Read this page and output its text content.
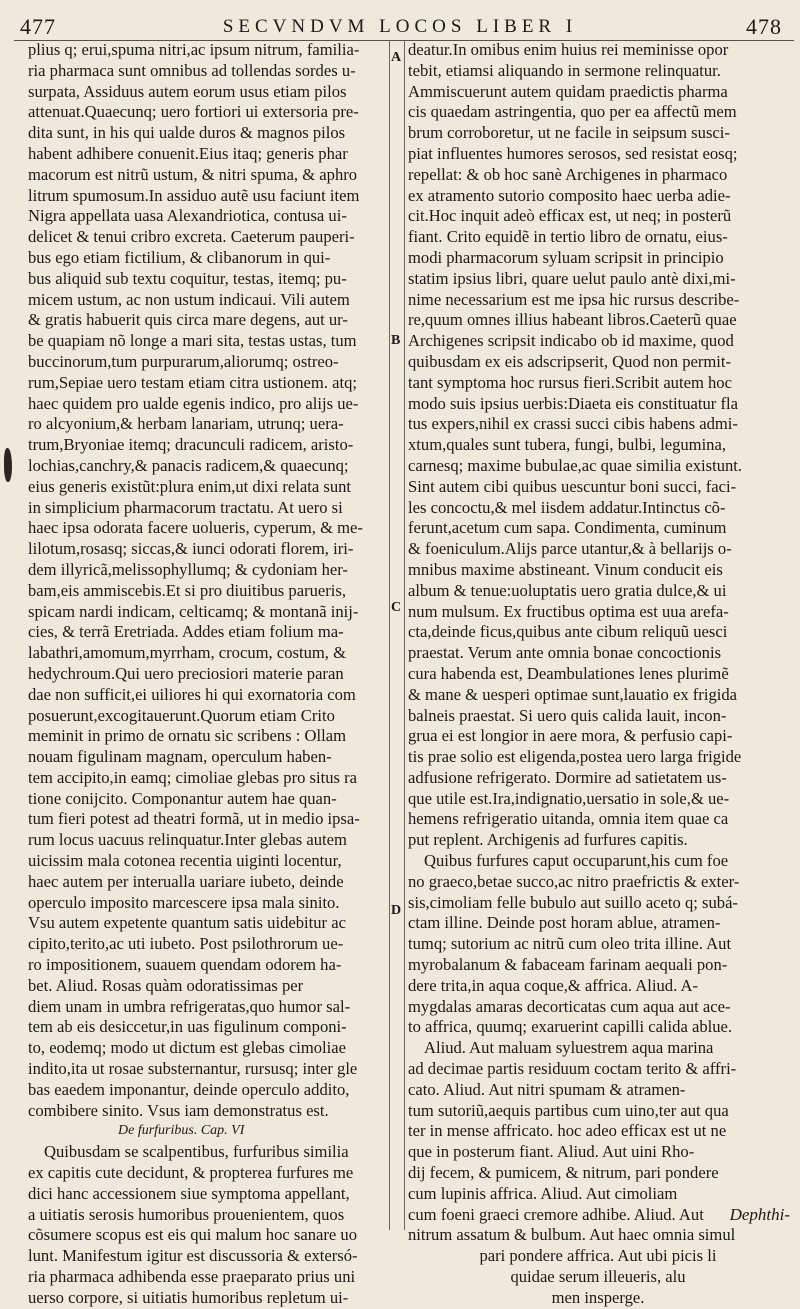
477	SECVNDVM LOCOS LIBER I	478
plius q; erui,spuma nitri,ac ipsum nitrum, familia-
ria pharmaca sunt omnibus ad tollendas sordes u-
surpata, Assiduus autem eorum usus etiam pilos
attenuat.Quaecunq; uero fortiori ui extersoria pre-
dita sunt, in his qui ualde duros & magnos pilos
habent adhibere conuenit.Eius itaq; generis phar
macorum est nitrũ ustum, & nitri spuma, & aphro
litrum spumosum.In assiduo autẽ usu faciunt item
Nigra appellata uasa Alexandriotica, contusa ui-
delicet & tenui cribro excreta. Caeterum pauperi-
bus ego etiam fictilium, & clibanorum in qui-
bus aliquid sub textu coquitur, testas, itemq; pu-
micem ustum, ac non ustum indicaui. Vili autem
& gratis habuerit quis circa mare degens, aut ur-
be quapiam nõ longe a mari sita, testas ustas, tum
buccinorum,tum purpurarum,aliorumq; ostreo-
rum,Sepiae uero testam etiam citra ustionem. atq;
haec quidem pro ualde egenis indico, pro alijs ue-
ro alcyonium,& herbam lanariam, utrunq; uera-
trum,Bryoniae itemq; dracunculi radicem, aristo-
lochias,canchry,& panacis radicem,& quaecunq;
eius generis existũt:plura enim,ut dixi relata sunt
in simplicium pharmacorum tractatu. At uero si
haec ipsa odorata facere uolueris, cyperum, & me-
lilotum,rosasq; siccas,& iunci odorati florem, iri-
dem illyricã,melissophyllumq; & cydoniam her-
bam,eis ammiscebis.Et si pro diuitibus parueris,
spicam nardi indicam, celticamq; & montanã inij-
cies, & terrã Eretriada. Addes etiam folium ma-
labathri,amomum,myrrham, crocum, costum, &
hedychroum.Qui uero preciosiori materie paran
dae non sufficit,ei uiliores hi qui exornatoria com
posuerunt,excogitauerunt.Quorum etiam Crito
meminit in primo de ornatu sic scribens : Ollam
nouam figulinam magnam, operculum haben-
tem accipito,in eamq; cimoliae glebas pro situs ra
tione conijcito. Componantur autem hae quan-
tum fieri potest ad theatri formã, ut in medio ipsa-
rum locus uacuus relinquatur.Inter glebas autem
uicissim mala cotonea recentia uiginti locentur,
haec autem per interualla uariare iubeto, deinde
operculo imposito marcescere ipsa mala sinito.
Vsu autem expetente quantum satis uidebitur ac
cipito,terito,ac uti iubeto. Post psilothrorum ue-
ro impositionem, suauem quendam odorem ha-
bet. Aliud. Rosas quàm odoratissimas per
diem unam in umbra refrigeratas,quo humor sal-
tem ab eis desiccetur,in uas figulinum componi-
to, eodemq; modo ut dictum est glebas cimoliae
indito,ita ut rosae substernantur, rursusq; inter gle
bas eaedem imponantur, deinde operculo addito,
combibere sinito. Vsus iam demonstratus est.
De furfuribus. Cap. VI
Quibusdam se scalpentibus, furfuribus similia
ex capitis cute decidunt, & propterea furfures me
dici hanc accessionem siue symptoma appellant,
a uitiatis serosis humoribus prouenientem, quos
cõsumere scopus est eis qui malum hoc sanare uo
lunt. Manifestum igitur est discussoria & extersó-
ria pharmaca adhibenda esse praeparato prius uni
uerso corpore, si uitiatis humoribus repletum ui-
A
B
C
D
deatur.In omibus enim huius rei meminisse opor
tebit, etiamsi aliquando in sermone relinquatur.
Ammiscuerunt autem quidam praedictis pharma
cis quaedam astringentia, quo per ea affectũ mem
brum corroboretur, ut ne facile in seipsum susci-
piat influentes humores serosos, sed resistat eosq;
repellat: & ob hoc sanè Archigenes in pharmaco
ex atramento sutorio composito haec uerba adie-
cit.Hoc inquit adeò efficax est, ut neq; in posterũ
fiant. Crito equidẽ in tertio libro de ornatu, eius-
modi pharmacorum syluam scripsit in principio
statim ipsius libri, quare uelut paulo antè dixi,mi-
nime necessarium est me ipsa hic rursus describe-
re,quum omnes illius habeant libros.Caeterũ quae
Archigenes scripsit indicabo ob id maxime, quod
quibusdam ex eis adscripserit, Quod non permit-
tant symptoma hoc rursus fieri.Scribit autem hoc
modo suis ipsius uerbis:Diaeta eis constituatur fla
tus expers,nihil ex crassi succi cibis habens admi-
xtum,quales sunt tubera, fungi, bulbi, legumina,
carnesq; maxime bubulae,ac quae similia existunt.
Sint autem cibi quibus uescuntur boni succi, faci-
les concoctu,& mel iisdem addatur.Intinctus cõ-
ferunt,acetum cum sapa. Condimenta, cuminum
& foeniculum.Alijs parce utantur,& à bellarijs o-
mnibus maxime abstineant. Vinum conducit eis
album & tenue:uoluptatis uero gratia dulce,& ui
num mulsum. Ex fructibus optima est uua arefa-
cta,deinde ficus,quibus ante cibum reliquũ uesci
praestat. Verum ante omnia bonae concoctionis
cura habenda est, Deambulationes lenes plurimẽ
& mane & uesperi optimae sunt,lauatio ex frigida
balneis praestat. Si uero quis calida lauit, incon-
grua ei est longior in aere mora, & perfusio capi-
tis prae solio est eligenda,postea uero larga frigide
adfusione refrigerato. Dormire ad satietatem us-
que utile est.Ira,indignatio,uersatio in sole,& ue-
hemens refrigeratio uitanda, omnia item quae ca
put replent. Archigenis ad furfures capitis.
Quibus furfures caput occuparunt,his cum foe
no graeco,betae succo,ac nitro praefrictis & exter-
sis,cimoliam felle bubulo aut suillo aceto q; subá-
ctam illine. Deinde post horam ablue, atramen-
tumq; sutorium ac nitrũ cum oleo trita illine. Aut
myrobalanum & fabaceam farinam aequali pon-
dere trita,in aqua coque,& affrica. Aliud. A-
mygdalas amaras decorticatas cum aqua aut ace-
to affrica, quumq; exaruerint capilli calida ablue.
Aliud. Aut maluam syluestrem aqua marina
ad decimae partis residuum coctam terito & affri-
cato. Aliud. Aut nitri spumam & atramen-
tum sutoriũ,aequis partibus cum uino,ter aut qua
ter in mense affricato. hoc adeo efficax est ut ne
que in posterum fiant. Aliud. Aut uini Rho-
dij fecem, & pumicem, & nitrum, pari pondere
cum lupinis affrica. Aliud. Aut cimoliam
cum foeni graeci cremore adhibe. Aliud. Aut
nitrum assatum & bulbum. Aut haec omnia simul
pari pondere affrica. Aut ubi picis li
quidae serum illeueris, alu
men insperge.
Dephthi-
